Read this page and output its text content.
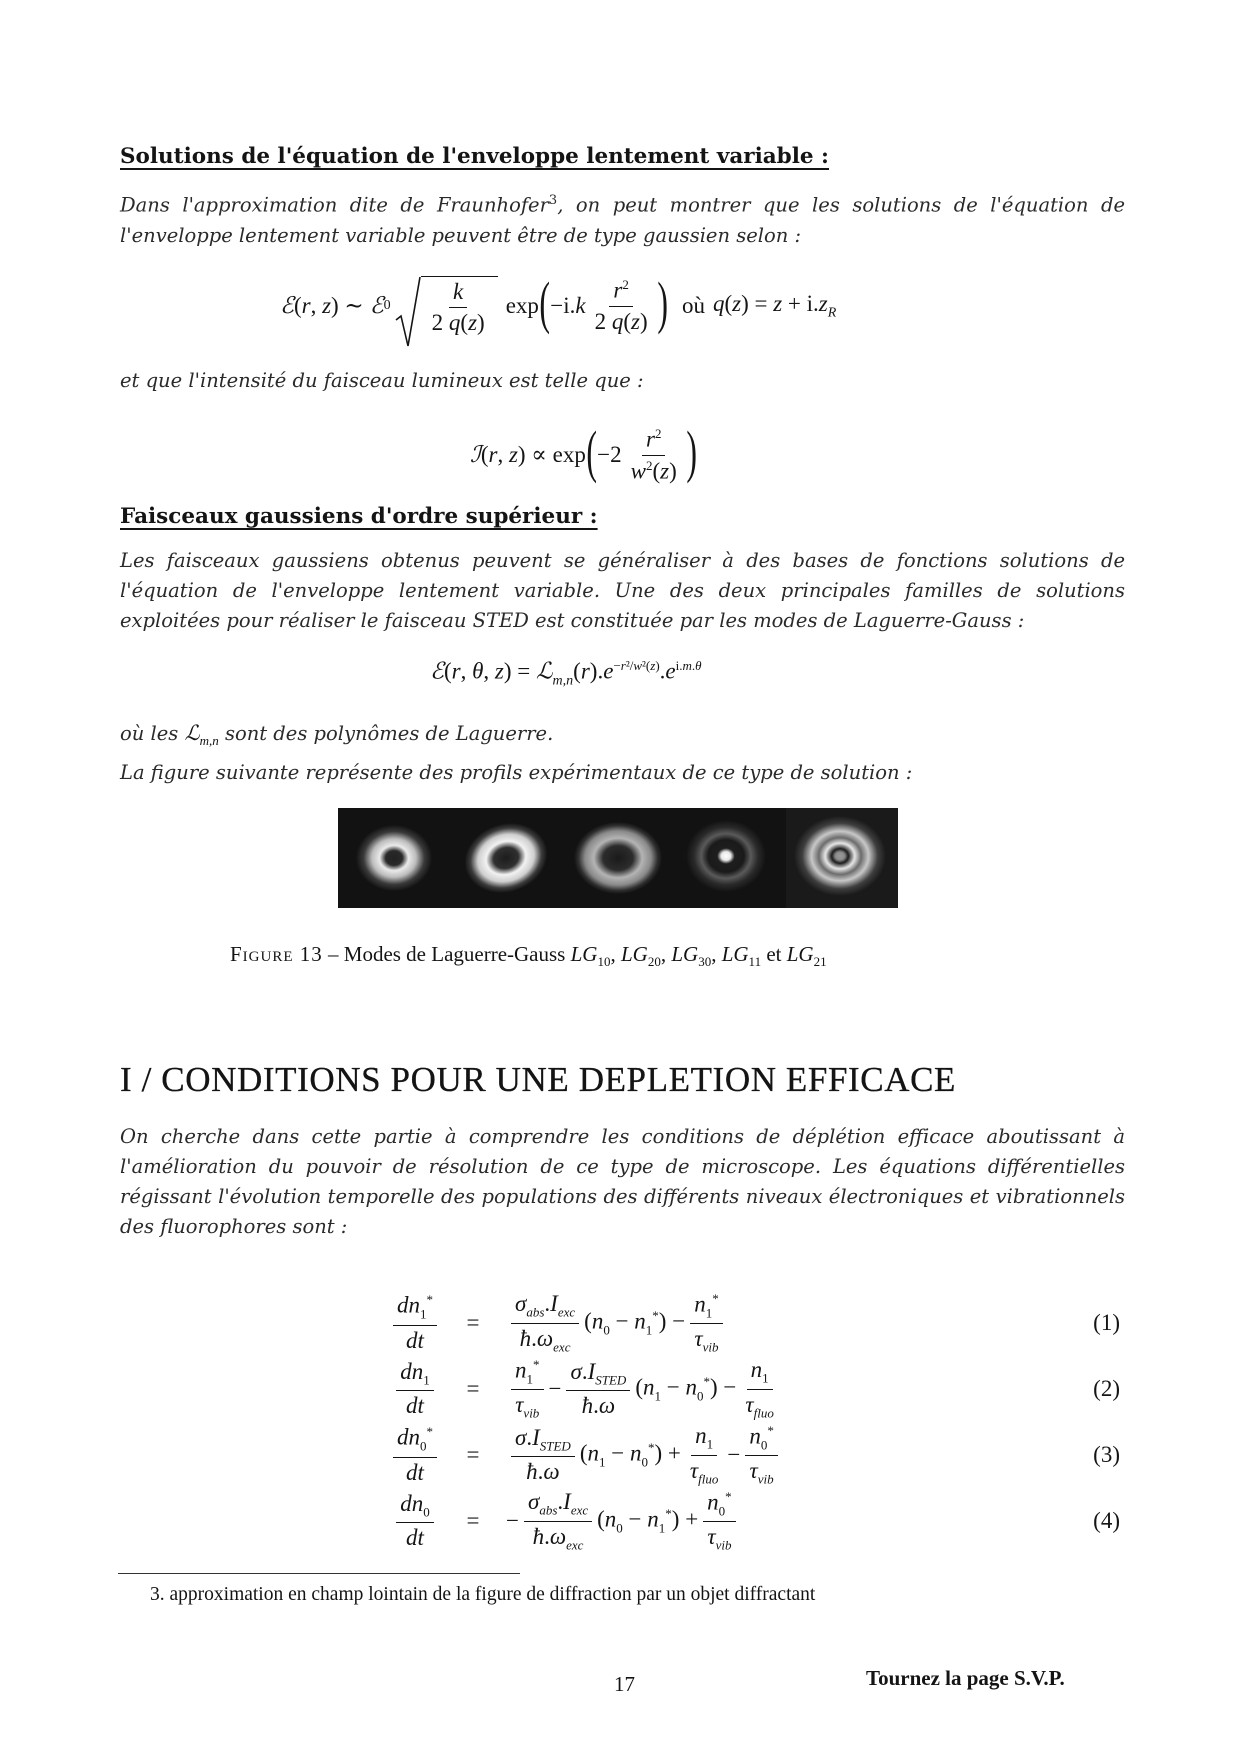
Solutions de l'équation de l'enveloppe lentement variable :
Dans l'approximation dite de Fraunhofer$^3$, on peut montrer que les solutions de l'équation de l'enveloppe lentement variable peuvent être de type gaussien selon :
ℰ (r, z) ∼ ℰ $0 \frac{k}{2 q(z)}$ exp ( $-i.k \frac{r^2}{2 q(z)}$ ) où $q(z) = z + i.z_R$
et que l'intensité du faisceau lumineux est telle que :
ℐ (r, z) ∝ exp ( $-2 \frac{r^2}{w^2(z)}$ )
Faisceaux gaussiens d'ordre supérieur :
Les faisceaux gaussiens obtenus peuvent se généraliser à des bases de fonctions solutions de l'équation de l'enveloppe lentement variable. Une des deux principales familles de solutions exploitées pour réaliser le faisceau STED est constituée par les modes de Laguerre-Gauss :
ℰ(r, θ, $z) = ℒ_{m,n}(r).e^{-r^2/w^2(z)}.e^{i.m.\theta}$
où les ℒ$_{m,n}$ sont des polynômes de Laguerre.
La figure suivante représente des profils expérimentaux de ce type de solution :
Figure 13 – Modes de Laguerre-Gauss $LG_{10}$, $LG_{20}$, $LG_{30}$, $LG_{11}$ et $LG_{21}$
I / CONDITIONS POUR UNE DEPLETION EFFICACE
On cherche dans cette partie à comprendre les conditions de déplétion efficace aboutissant à l'amélioration du pouvoir de résolution de ce type de microscope. Les équations différentielles régissant l'évolution temporelle des populations des différents niveaux électroniques et vibrationnels des fluorophores sont :
$\frac{dn_1^*}{dt}$	=	$\frac{\sigma_{abs}.I_{exc}}{ħ.\omega_{exc}} (n_0 - n_1^*) - \frac{n_1^*}{\tau_{vib}}$	(1)
$\frac{dn_1}{dt}$	=	$\frac{n_1^*}{\tau_{vib}} - \frac{\sigma.I_{STED}}{ħ.\omega} (n_1 - n_0^*) - \frac{n_1}{\tau_{fluo}}$	(2)
$\frac{dn_0^*}{dt}$	=	$\frac{\sigma.I_{STED}}{ħ.\omega} (n_1 - n_0^*) + \frac{n_1}{\tau_{fluo}} - \frac{n_0^*}{\tau_{vib}}$	(3)
$\frac{dn_0}{dt}$	=	− $\frac{\sigma_{abs}.I_{exc}}{ħ.\omega_{exc}} (n_0 - n_1^*) + \frac{n_0^*}{\tau_{vib}}$	(4)
3. approximation en champ lointain de la figure de diffraction par un objet diffractant
17	Tournez la page S.V.P.
